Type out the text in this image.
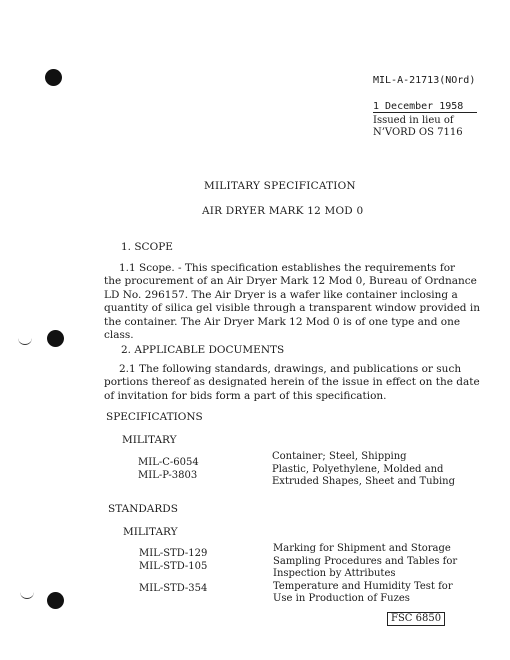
MIL-A-21713(NOrd)
1 December 1958
Issued in lieu of
N’VORD OS 7116
MILITARY SPECIFICATION
AIR DRYER MARK 12 MOD 0
1. SCOPE
1.1 Scope. - This specification establishes the requirements for
the procurement of an Air Dryer Mark 12 Mod 0, Bureau of Ordnance
LD No. 296157. The Air Dryer is a wafer like container inclosing a
quantity of silica gel visible through a transparent window provided in
the container. The Air Dryer Mark 12 Mod 0 is of one type and one
class.
2. APPLICABLE DOCUMENTS
2.1 The following standards, drawings, and publications or such
portions thereof as designated herein of the issue in effect on the date
of invitation for bids form a part of this specification.
SPECIFICATIONS
MILITARY
MIL-C-6054
MIL-P-3803
Container; Steel, Shipping
Plastic, Polyethylene, Molded and
Extruded Shapes, Sheet and Tubing
STANDARDS
MILITARY
MIL-STD-129
MIL-STD-105
MIL-STD-354
Marking for Shipment and Storage
Sampling Procedures and Tables for
Inspection by Attributes
Temperature and Humidity Test for
Use in Production of Fuzes
FSC 6850
